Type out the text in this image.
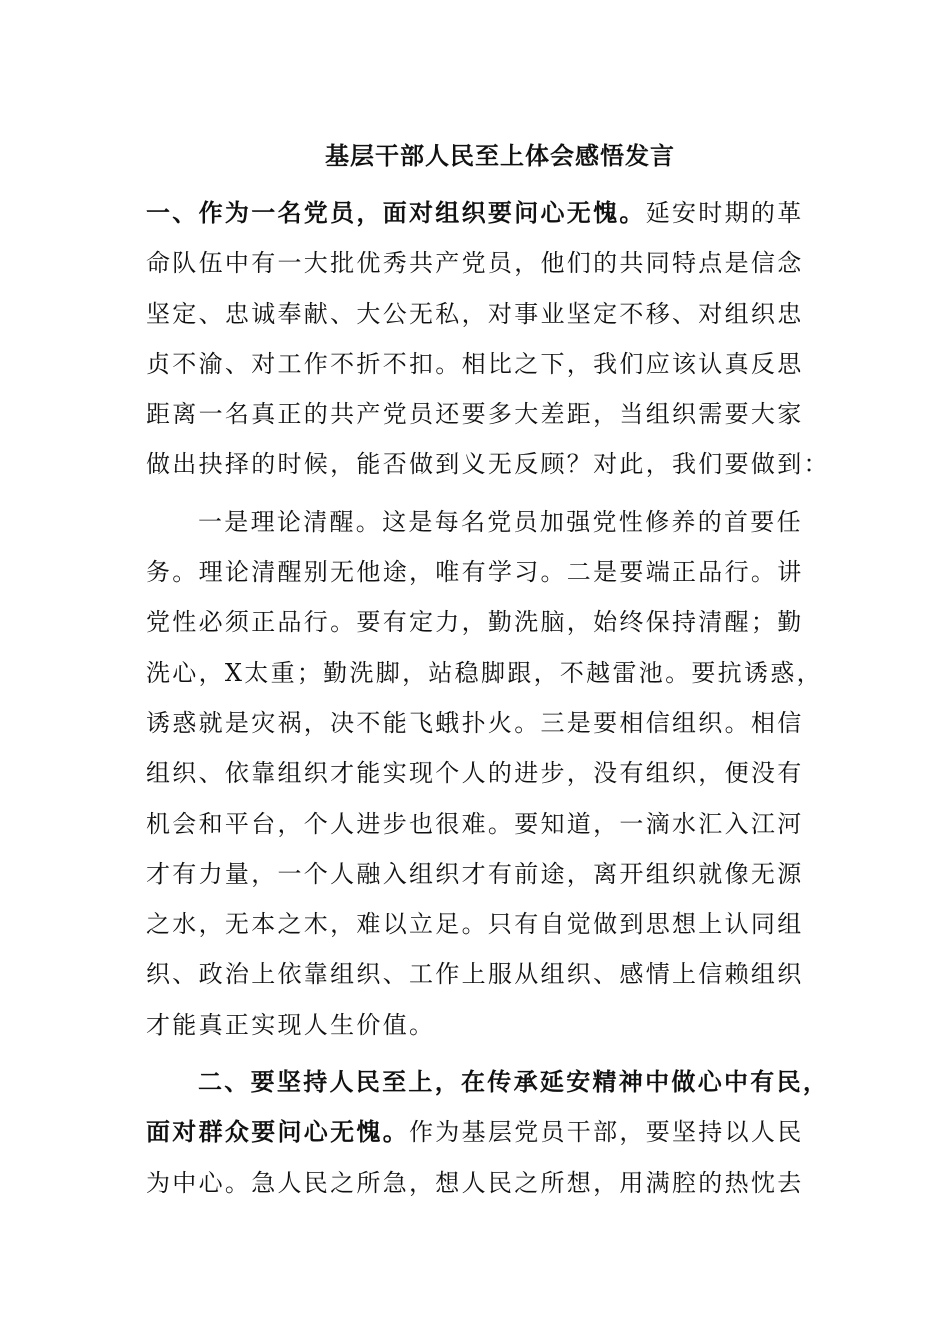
基层干部人民至上体会感悟发言

一、作为一名党员，面对组织要问心无愧。延安时期的革
命队伍中有一大批优秀共产党员，他们的共同特点是信念
坚定、忠诚奉献、大公无私，对事业坚定不移、对组织忠
贞不渝、对工作不折不扣。相比之下，我们应该认真反思
距离一名真正的共产党员还要多大差距，当组织需要大家
做出抉择的时候，能否做到义无反顾？对此，我们要做到：

一是理论清醒。这是每名党员加强党性修养的首要任
务。理论清醒别无他途，唯有学习。二是要端正品行。讲
党性必须正品行。要有定力，勤洗脑，始终保持清醒；勤
洗心，X太重；勤洗脚，站稳脚跟，不越雷池。要抗诱惑，
诱惑就是灾祸，决不能飞蛾扑火。三是要相信组织。相信
组织、依靠组织才能实现个人的进步，没有组织，便没有
机会和平台，个人进步也很难。要知道，一滴水汇入江河
才有力量，一个人融入组织才有前途，离开组织就像无源
之水，无本之木，难以立足。只有自觉做到思想上认同组
织、政治上依靠组织、工作上服从组织、感情上信赖组织
才能真正实现人生价值。

二、要坚持人民至上，在传承延安精神中做心中有民，
面对群众要问心无愧。作为基层党员干部，要坚持以人民
为中心。急人民之所急，想人民之所想，用满腔的热忱去
